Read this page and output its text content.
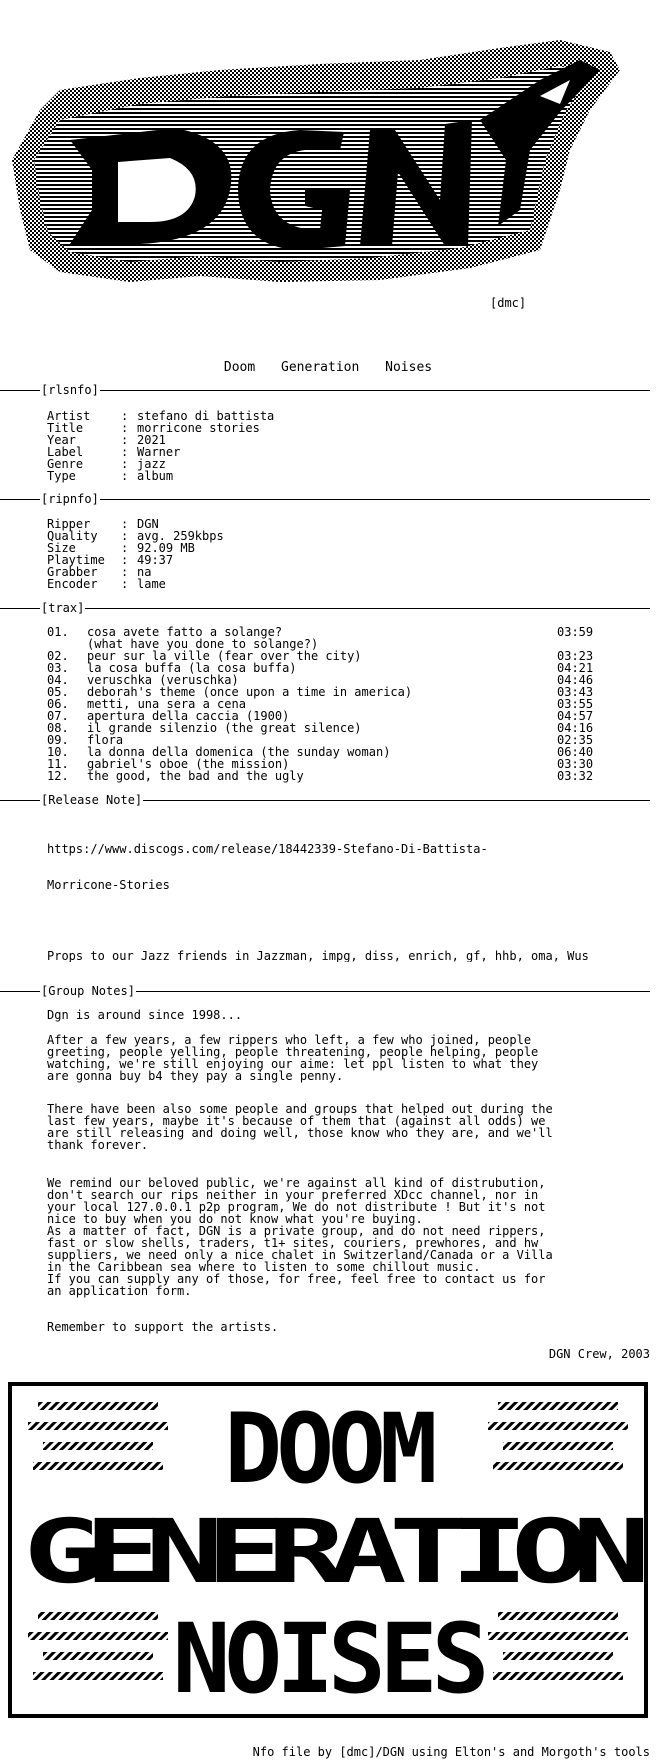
[dmc]
Doom Generation Noises
[rlsnfo]
Artist	: stefano di battista
Title	: morricone stories
Year	: 2021
Label	: Warner
Genre	: jazz
Type	: album
[ripnfo]
Ripper	: DGN
Quality	: avg. 259kbps
Size	: 92.09 MB
Playtime	: 49:37
Grabber	: na
Encoder	: lame
[trax]
01.	cosa avete fatto a solange?	03:59
(what have you done to solange?)
02.	peur sur la ville (fear over the city)	03:23
03.	la cosa buffa (la cosa buffa)	04:21
04.	veruschka (veruschka)	04:46
05.	deborah's theme (once upon a time in america)	03:43
06.	metti, una sera a cena	03:55
07.	apertura della caccia (1900)	04:57
08.	il grande silenzio (the great silence)	04:16
09.	flora	02:35
10.	la donna della domenica (the sunday woman)	06:40
11.	gabriel's oboe (the mission)	03:30
12.	the good, the bad and the ugly	03:32
[Release Note]

https://www.discogs.com/release/18442339-Stefano-Di-Battista-

Morricone-Stories

Props to our Jazz friends in Jazzman, impg, diss, enrich, gf, hhb, oma, Wus
[Group Notes]
Dgn is around since 1998...
After a few years, a few rippers who left, a few who joined, people
greeting, people yelling, people threatening, people helping, people
watching, we're still enjoying our aime: let ppl listen to what they
are gonna buy b4 they pay a single penny.
There have been also some people and groups that helped out during the
last few years, maybe it's because of them that (against all odds) we
are still releasing and doing well, those know who they are, and we'll
thank forever.
We remind our beloved public, we're against all kind of distrubution,
don't search our rips neither in your preferred XDcc channel, nor in
your local 127.0.0.1 p2p program, We do not distribute ! But it's not
nice to buy when you do not know what you're buying.
As a matter of fact, DGN is a private group, and do not need rippers,
fast or slow shells, traders, t1+ sites, couriers, prewhores, and hw
suppliers, we need only a nice chalet in Switzerland/Canada or a Villa
in the Caribbean sea where to listen to some chillout music.
If you can supply any of those, for free, feel free to contact us for
an application form.
Remember to support the artists.
DGN Crew, 2003
DOOM
GENERATION
NOISES
Nfo file by [dmc]/DGN using Elton's and Morgoth's tools
